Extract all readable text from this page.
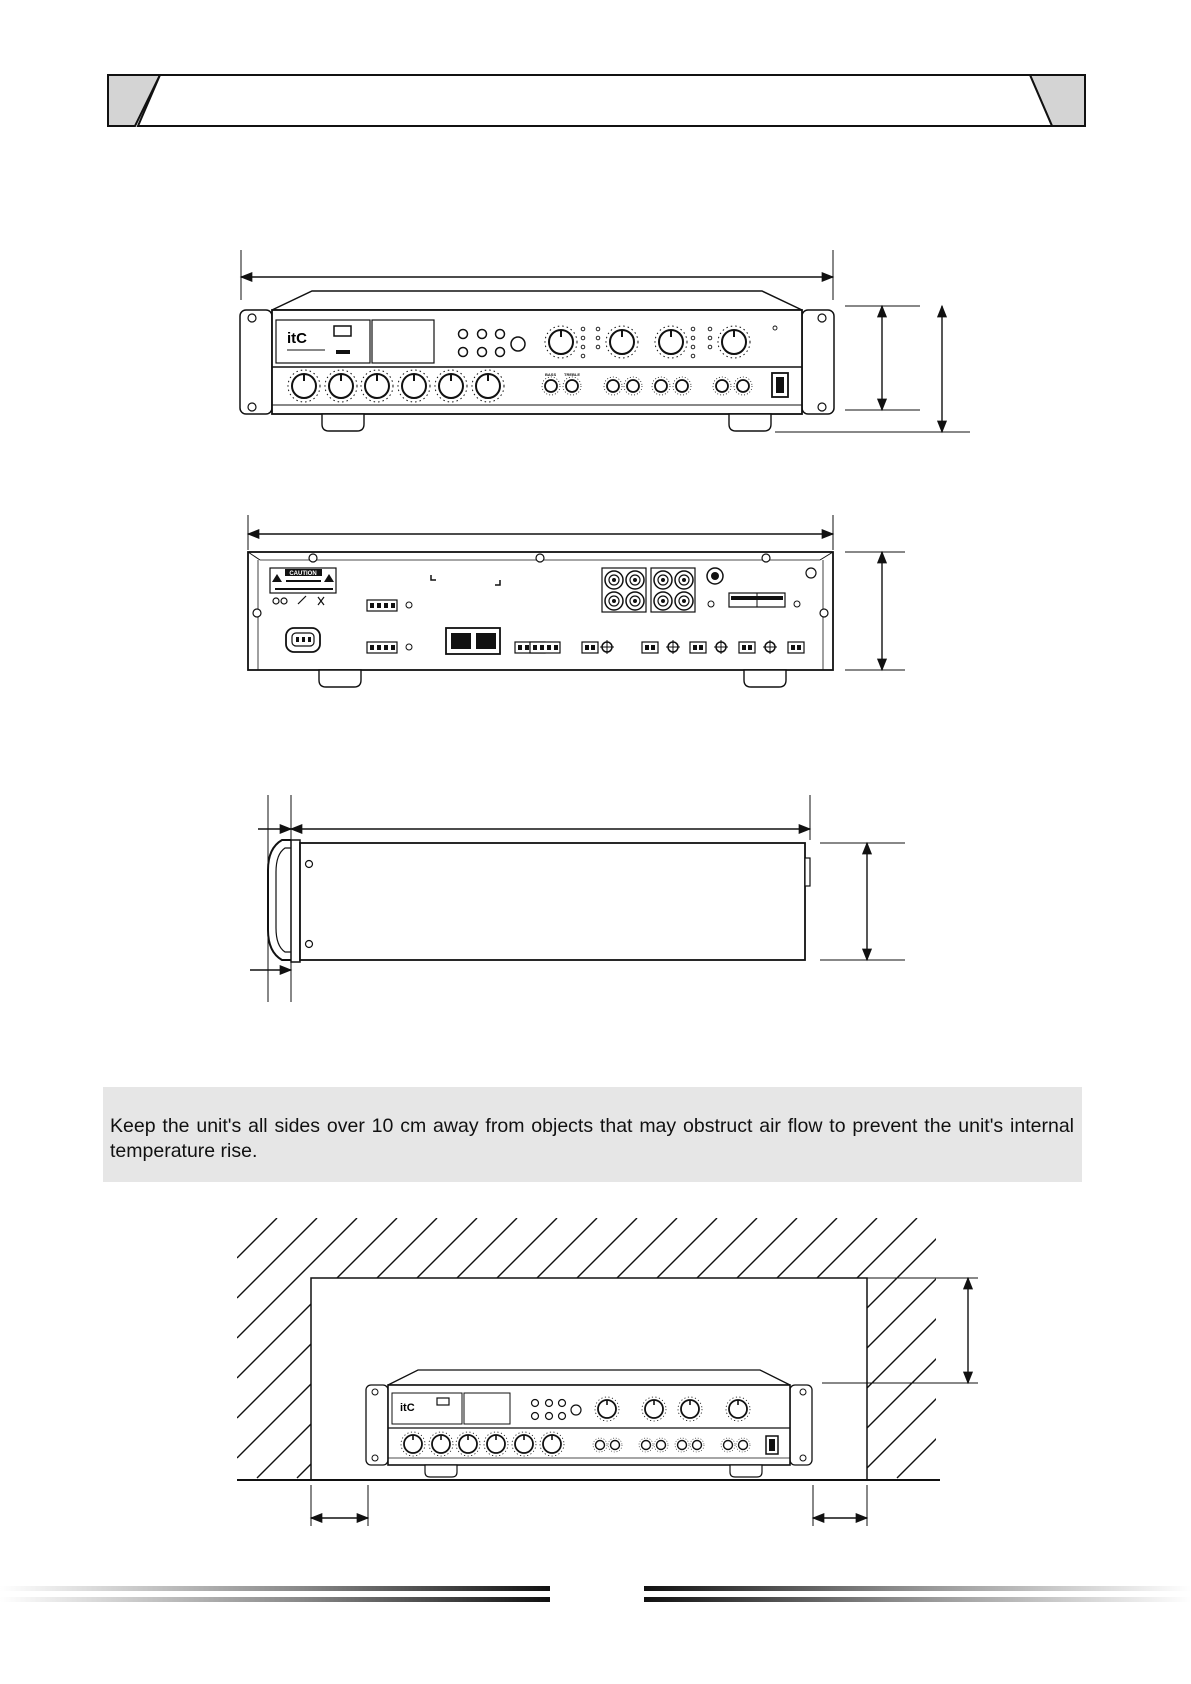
itC
BASS TREBLE
CAUTION
Keep the unit's all sides over 10 cm away from objects that may obstruct air flow to prevent the unit's internal temperature rise.
itC
